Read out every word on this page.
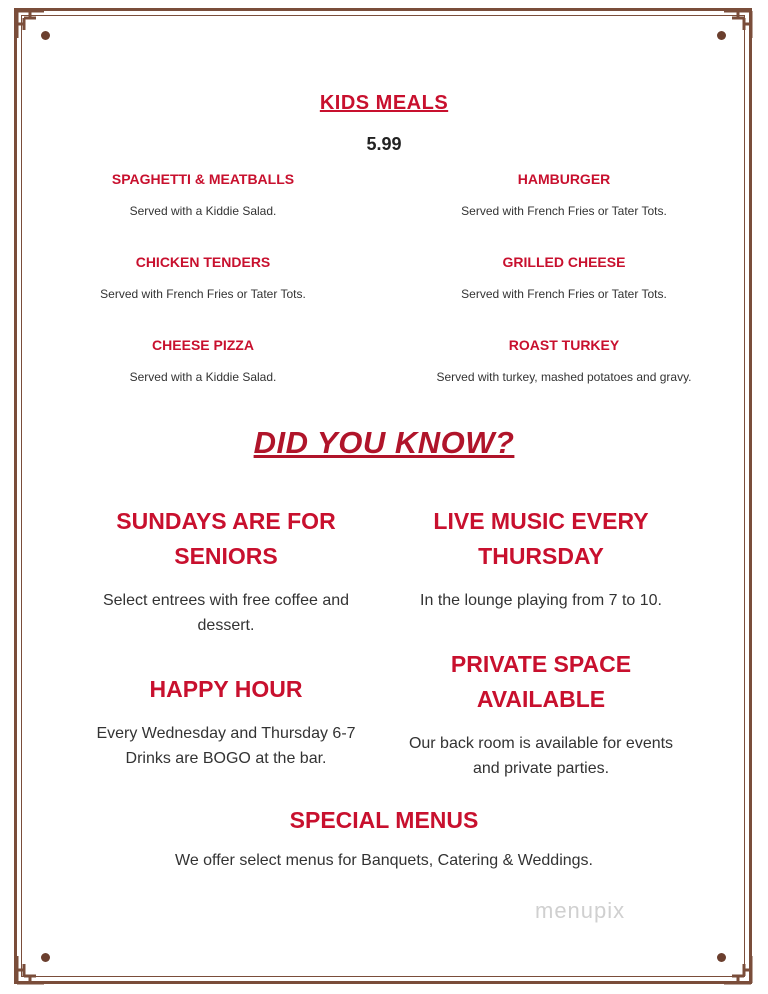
KIDS MEALS
5.99
SPAGHETTI & MEATBALLS
Served with a Kiddie Salad.
HAMBURGER
Served with French Fries or Tater Tots.
CHICKEN TENDERS
Served with French Fries or Tater Tots.
GRILLED CHEESE
Served with French Fries or Tater Tots.
CHEESE PIZZA
Served with a Kiddie Salad.
ROAST TURKEY
Served with turkey, mashed potatoes and gravy.
DID YOU KNOW?
SUNDAYS ARE FOR
SENIORS
Select entrees with free coffee and
dessert.
LIVE MUSIC EVERY
THURSDAY
In the lounge playing from 7 to 10.
HAPPY HOUR
Every Wednesday and Thursday 6-7
Drinks are BOGO at the bar.
PRIVATE SPACE
AVAILABLE
Our back room is available for events
and private parties.
SPECIAL MENUS
We offer select menus for Banquets, Catering & Weddings.
menupix
